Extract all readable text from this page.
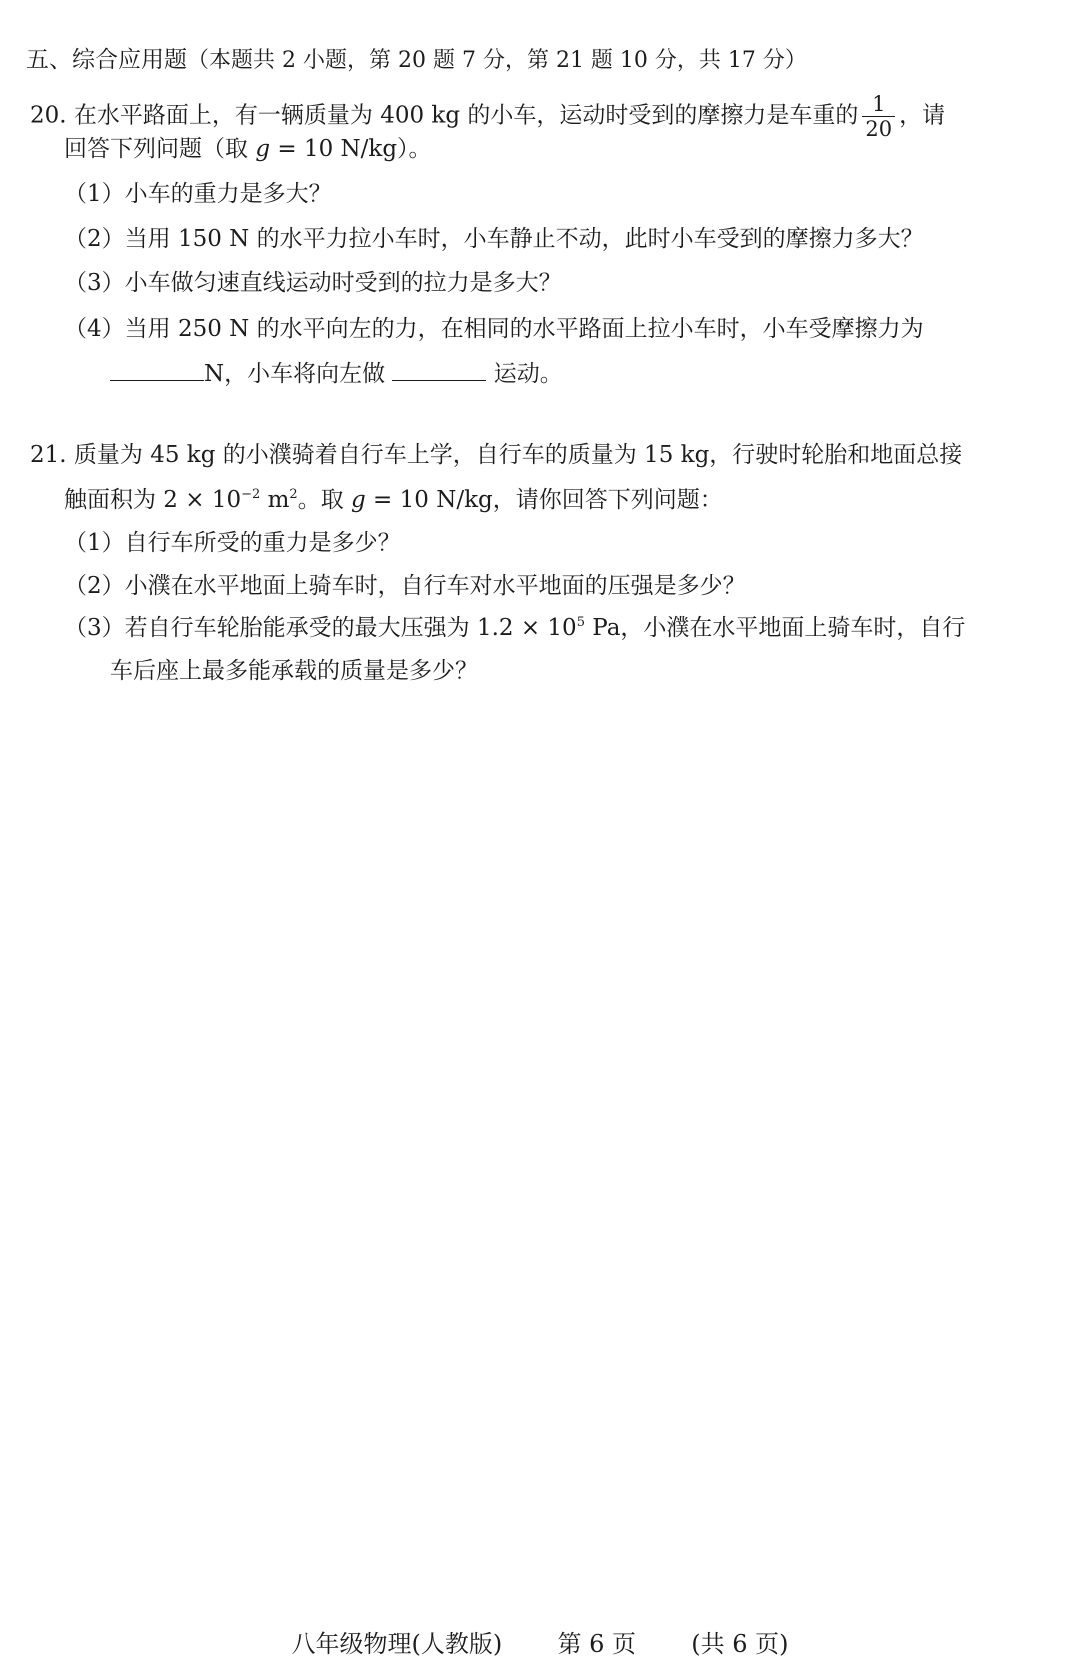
五、综合应用题（本题共 2 小题，第 20 题 7 分，第 21 题 10 分，共 17 分）
20. 在水平路面上，有一辆质量为 400 kg 的小车，运动时受到的摩擦力是车重的 $\frac{1}{20}$ ，请
回答下列问题（取 g = 10 N/kg）。
（1）小车的重力是多大？
（2）当用 150 N 的水平力拉小车时，小车静止不动，此时小车受到的摩擦力多大？
（3）小车做匀速直线运动时受到的拉力是多大？
（4）当用 250 N 的水平向左的力，在相同的水平路面上拉小车时，小车受摩擦力为
N，小车将向左做	运动。
21. 质量为 45 kg 的小濮骑着自行车上学，自行车的质量为 15 kg，行驶时轮胎和地面总接
触面积为 $2 \times 10^{-2}$ $m^2$。取 g = 10 N/kg，请你回答下列问题：
（1）自行车所受的重力是多少？
（2）小濮在水平地面上骑车时，自行车对水平地面的压强是多少？
（3）若自行车轮胎能承受的最大压强为 $1.2 \times 10^5$ Pa，小濮在水平地面上骑车时，自行
车后座上最多能承载的质量是多少？
八年级物理(人教版) 第 6 页 (共 6 页)
